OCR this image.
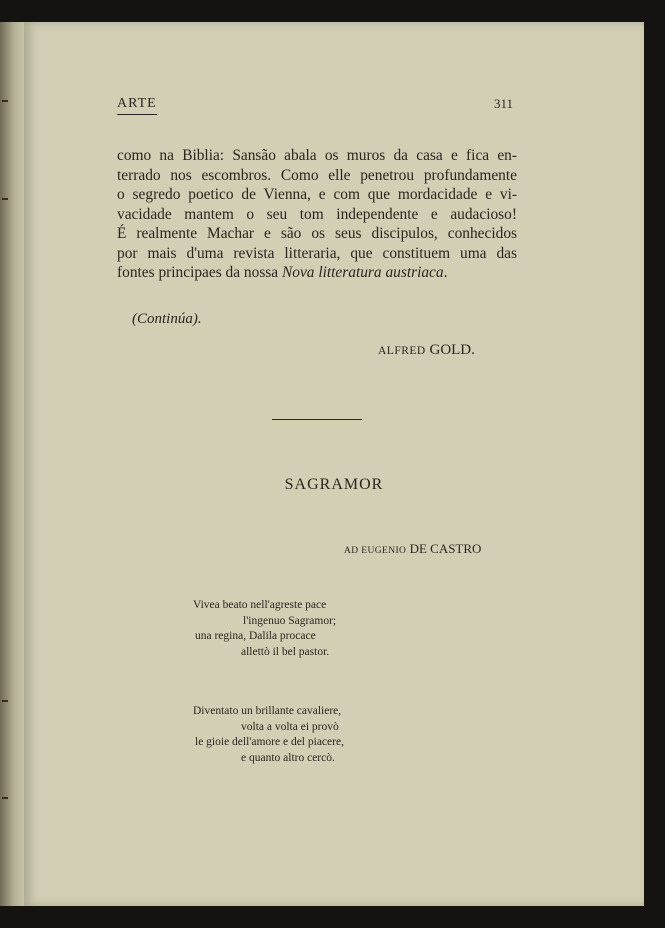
ARTE	311
como na Biblia: Sansão abala os muros da casa e fica en-
terrado nos escombros. Como elle penetrou profundamente
o segredo poetico de Vienna, e com que mordacidade e vi-
vacidade mantem o seu tom independente e audacioso!
É realmente Machar e são os seus discipulos, conhecidos
por mais d'uma revista litteraria, que constituem uma das
fontes principaes da nossa Nova litteratura austriaca.
(Continúa).
ALFRED GOLD.
SAGRAMOR
AD EUGENIO DE CASTRO
Vivea beato nell'agreste pace
l'ingenuo Sagramor;
una regina, Dalila procace
allettò il bel pastor.
Diventato un brillante cavaliere,
volta a volta ei provò
le gioie dell'amore e del piacere,
e quanto altro cercò.
